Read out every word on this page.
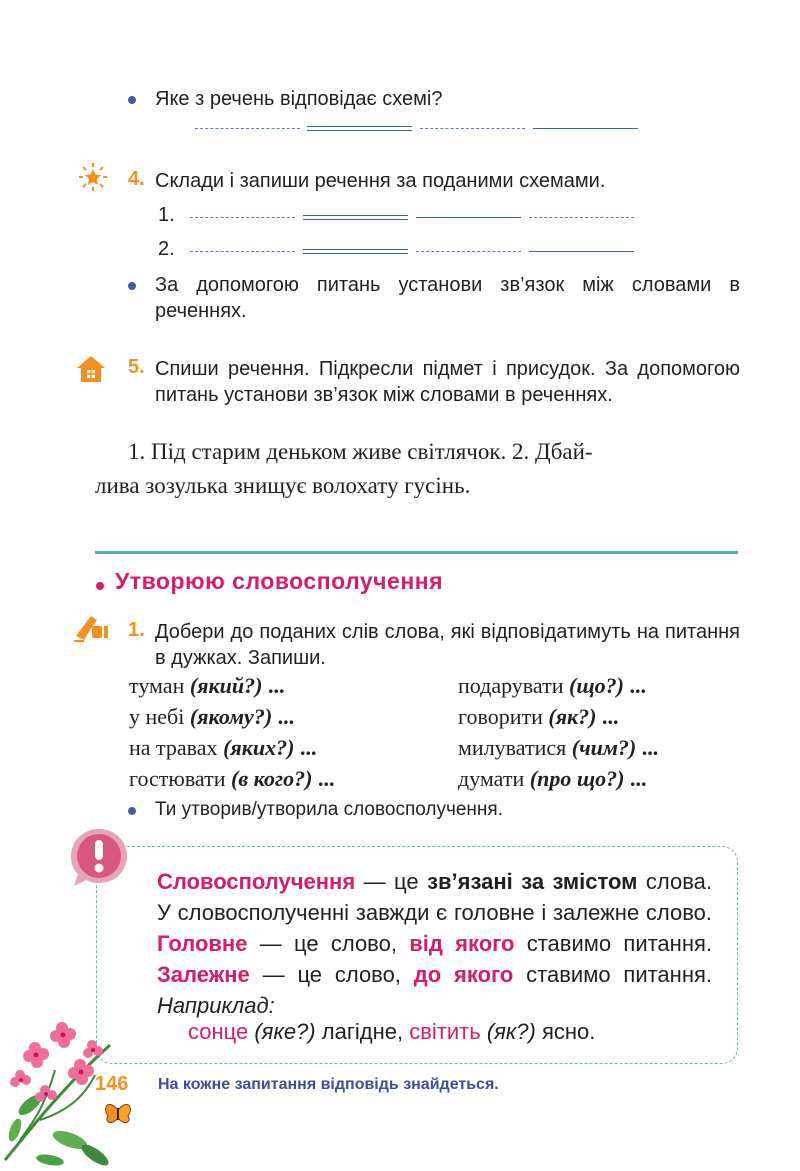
Яке з речень відповідає схемі?
4. Склади і запиши речення за поданими схемами.
1.
2.
За допомогою питань установи зв’язок між словами в реченнях.
5. Спиши речення. Підкресли підмет і присудок. За допомогою питань установи зв’язок між словами в реченнях.
1. Під старим деньком живе світлячок. 2. Дбай-
лива зозулька знищує волохату гусінь.
Утворюю словосполучення
1. Добери до поданих слів слова, які відповідатимуть на питання в дужках. Запиши.
туман (який?) ...
у небі (якому?) ...
на травах (яких?) ...
гостювати (в кого?) ...
подарувати (що?) ...
говорити (як?) ...
милуватися (чим?) ...
думати (про що?) ...
Ти утворив/утворила словосполучення.
Словосполучення — це зв’язані за змістом слова. У словосполученні завжди є головне і залежне слово. Головне — це слово, від якого ставимо питання. Залежне — це слово, до якого ставимо питання. Наприклад:
сонце (яке?) лагідне, світить (як?) ясно.
146 На кожне запитання відповідь знайдеться.
